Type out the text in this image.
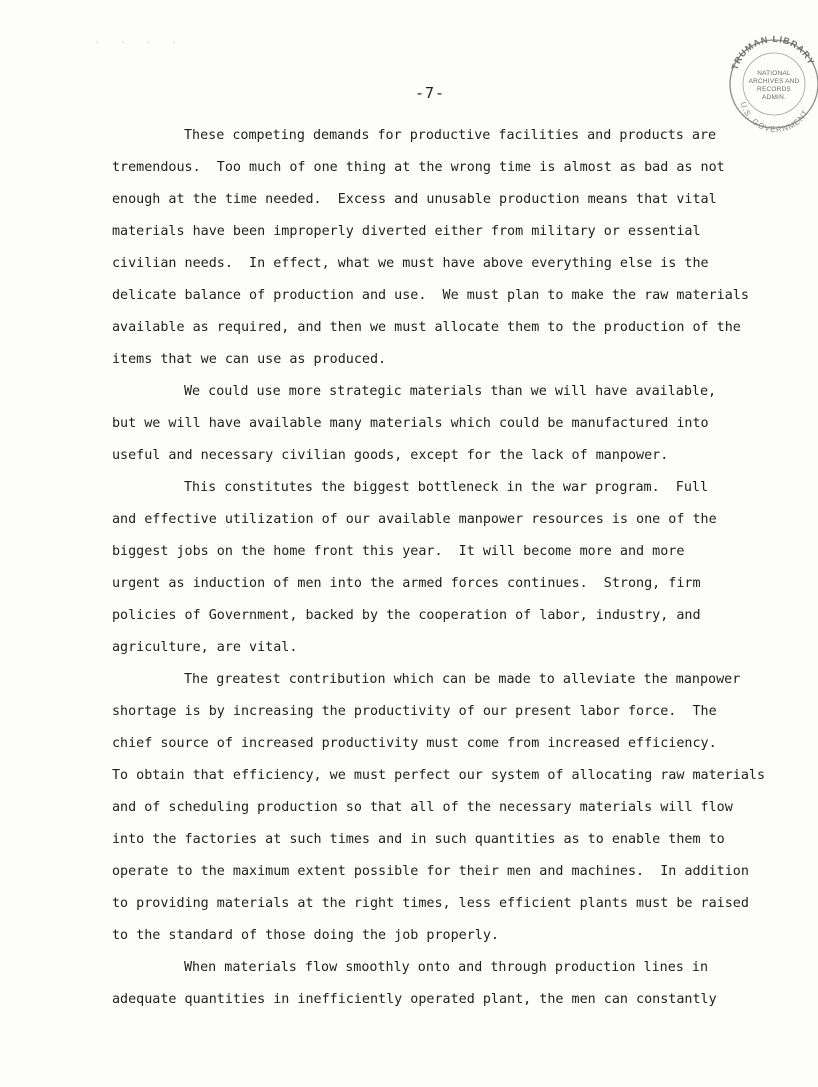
· · · ·
-7-
TRUMAN LIBRARY
U.S. GOVERNMENT
NATIONAL
ARCHIVES AND
RECORDS
ADMIN.
These competing demands for productive facilities and products are
tremendous.  Too much of one thing at the wrong time is almost as bad as not
enough at the time needed.  Excess and unusable production means that vital
materials have been improperly diverted either from military or essential
civilian needs.  In effect, what we must have above everything else is the
delicate balance of production and use.  We must plan to make the raw materials
available as required, and then we must allocate them to the production of the
items that we can use as produced.
We could use more strategic materials than we will have available,
but we will have available many materials which could be manufactured into
useful and necessary civilian goods, except for the lack of manpower.
This constitutes the biggest bottleneck in the war program.  Full
and effective utilization of our available manpower resources is one of the
biggest jobs on the home front this year.  It will become more and more
urgent as induction of men into the armed forces continues.  Strong, firm
policies of Government, backed by the cooperation of labor, industry, and
agriculture, are vital.
The greatest contribution which can be made to alleviate the manpower
shortage is by increasing the productivity of our present labor force.  The
chief source of increased productivity must come from increased efficiency.
To obtain that efficiency, we must perfect our system of allocating raw materials
and of scheduling production so that all of the necessary materials will flow
into the factories at such times and in such quantities as to enable them to
operate to the maximum extent possible for their men and machines.  In addition
to providing materials at the right times, less efficient plants must be raised
to the standard of those doing the job properly.
When materials flow smoothly onto and through production lines in
adequate quantities in inefficiently operated plant, the men can constantly
